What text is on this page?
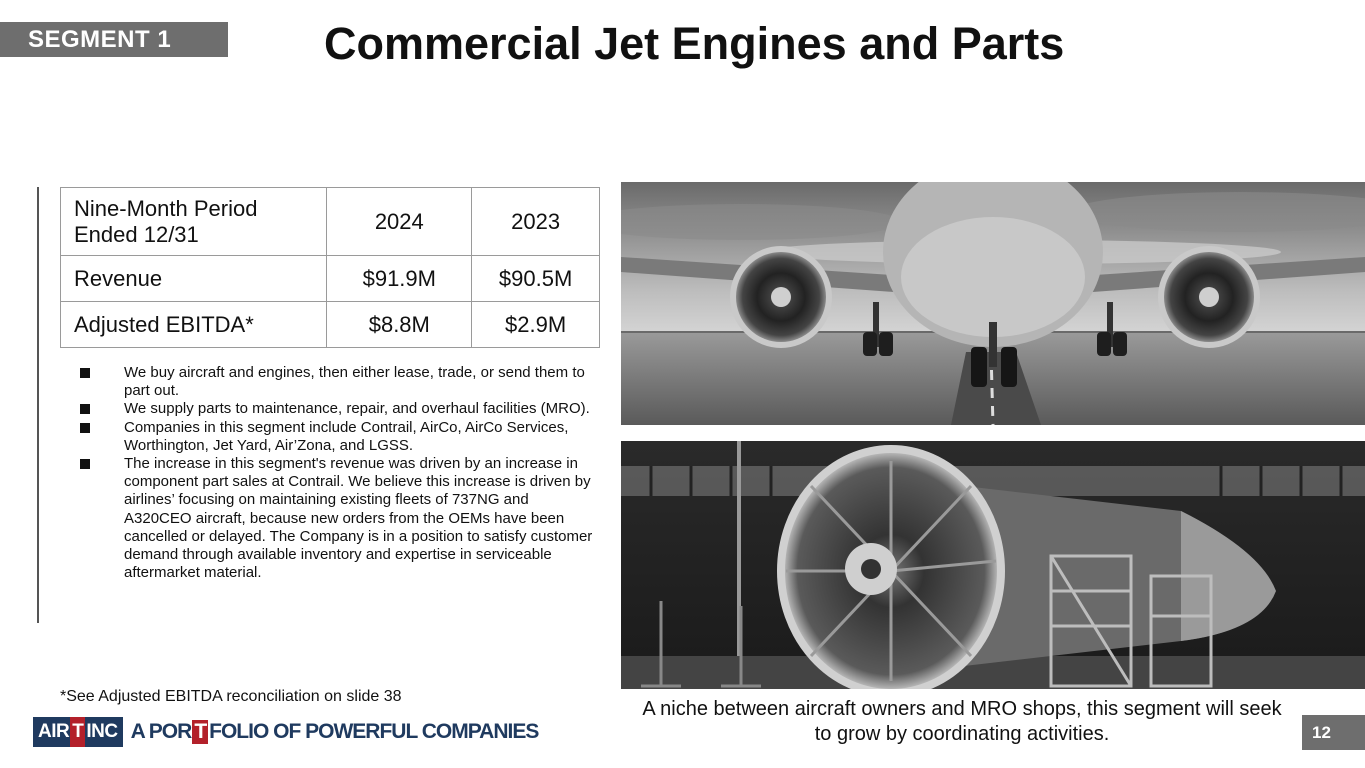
SEGMENT 1	Commercial Jet Engines and Parts
Nine-Month Period Ended 12/31	2024	2023
Revenue	$91.9M	$90.5M
Adjusted EBITDA*	$8.8M	$2.9M
We buy aircraft and engines, then either lease, trade, or send them to part out.
We supply parts to maintenance, repair, and overhaul facilities (MRO).
Companies in this segment include Contrail, AirCo, AirCo Services, Worthington, Jet Yard, Air’Zona, and LGSS.
The increase in this segment's revenue was driven by an increase in component part sales at Contrail. We believe this increase is driven by airlines’ focusing on maintaining existing fleets of 737NG and A320CEO aircraft, because new orders from the OEMs have been cancelled or delayed. The Company is in a position to satisfy customer demand through available inventory and expertise in serviceable aftermarket material.
*See Adjusted EBITDA reconciliation on slide 38
A niche between aircraft owners and MRO shops, this segment will seek to grow by coordinating activities.	12
AIR T INC A POR T FOLIO OF POWERFUL COMPANIES
